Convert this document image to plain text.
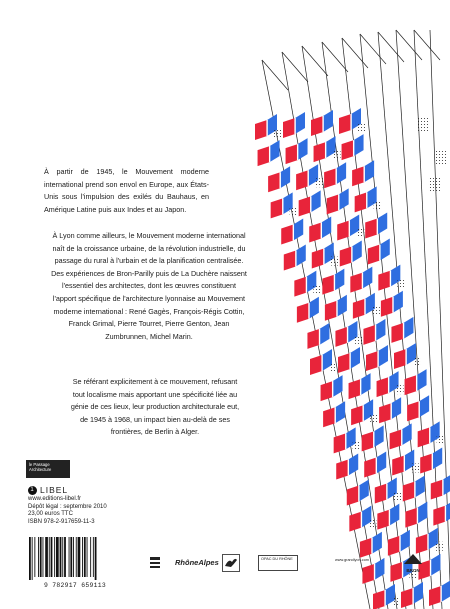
À partir de 1945, le Mouvement moderne international prend son envol en Europe, aux États-Unis sous l'impulsion des exilés du Bauhaus, en Amérique Latine puis aux Indes et au Japon.

À Lyon comme ailleurs, le Mouvement moderne international naît de la croissance urbaine, de la révolution industrielle, du passage du rural à l'urbain et de la planification centralisée. Des expériences de Bron-Parilly puis de La Duchère naissent l'essentiel des architectes, dont les œuvres constituent l'apport spécifique de l'architecture lyonnaise au Mouvement moderne international : René Gagès, François-Régis Cottin, Franck Grimal, Pierre Tourret, Pierre Genton, Jean Zumbrunnen, Michel Marin.

Se référant explicitement à ce mouvement, refusant tout localisme mais apportant une spécificité liée au génie de ces lieux, leur production architecturale eut, de 1945 à 1968, un impact bien au-delà de ses frontières, de Berlin à Alger.

le Passage Architecture
1 LIBEL
www.editions-libel.fr
Dépôt légal : septembre 2010
23,00 euros TTC
ISBN 978-2-917659-11-3
9 782917 659113
RhôneAlpes	OPAC DU RHÔNE	www.grandlyon.com
BRON
